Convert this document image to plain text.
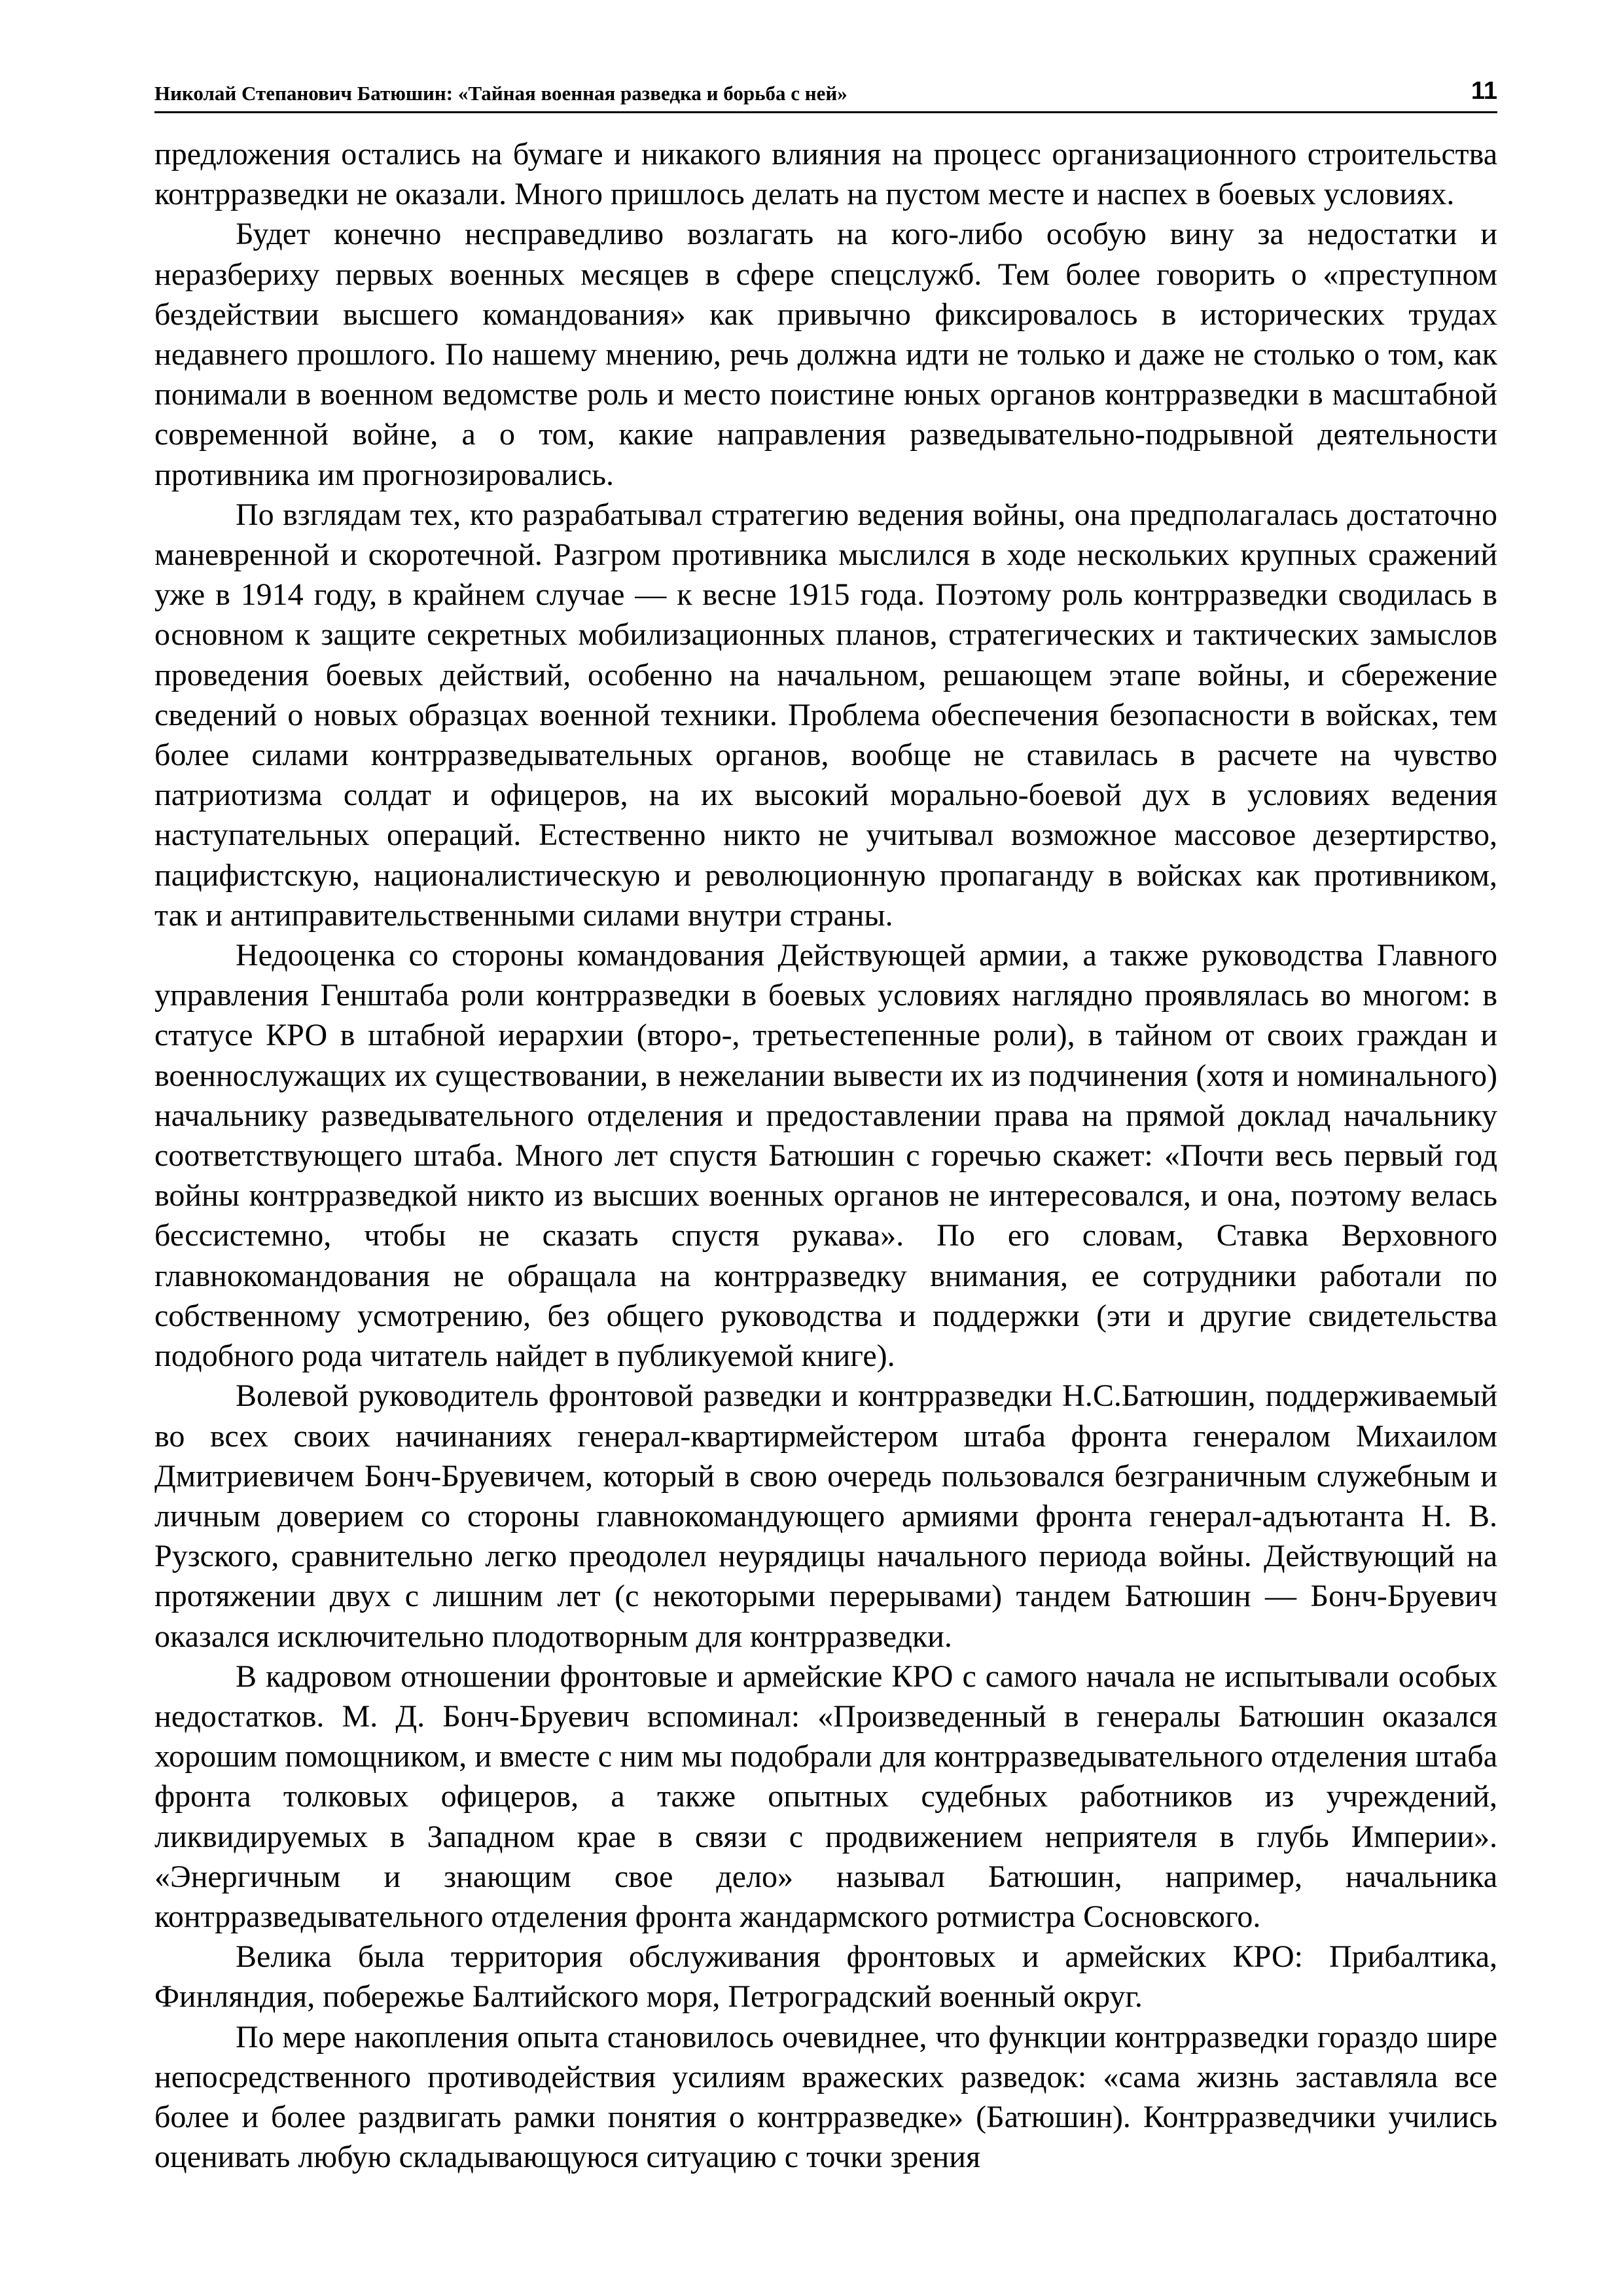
Николай Степанович Батюшин: «Тайная военная разведка и борьба с ней»	11

предложения остались на бумаге и никакого влияния на процесс организационного строительства контрразведки не оказали. Много пришлось делать на пустом месте и наспех в боевых условиях.

Будет конечно несправедливо возлагать на кого-либо особую вину за недостатки и неразбериху первых военных месяцев в сфере спецслужб. Тем более говорить о «преступном бездействии высшего командования» как привычно фиксировалось в исторических трудах недавнего прошлого. По нашему мнению, речь должна идти не только и даже не столько о том, как понимали в военном ведомстве роль и место поистине юных органов контрразведки в масштабной современной войне, а о том, какие направления разведывательно-подрывной деятельности противника им прогнозировались.

По взглядам тех, кто разрабатывал стратегию ведения войны, она предполагалась достаточно маневренной и скоротечной. Разгром противника мыслился в ходе нескольких крупных сражений уже в 1914 году, в крайнем случае — к весне 1915 года. Поэтому роль контрразведки сводилась в основном к защите секретных мобилизационных планов, стратегических и тактических замыслов проведения боевых действий, особенно на начальном, решающем этапе войны, и сбережение сведений о новых образцах военной техники. Проблема обеспечения безопасности в войсках, тем более силами контрразведывательных органов, вообще не ставилась в расчете на чувство патриотизма солдат и офицеров, на их высокий морально-боевой дух в условиях ведения наступательных операций. Естественно никто не учитывал возможное массовое дезертирство, пацифистскую, националистическую и революционную пропаганду в войсках как противником, так и антиправительственными силами внутри страны.

Недооценка со стороны командования Действующей армии, а также руководства Главного управления Генштаба роли контрразведки в боевых условиях наглядно проявлялась во многом: в статусе КРО в штабной иерархии (второ-, третьестепенные роли), в тайном от своих граждан и военнослужащих их существовании, в нежелании вывести их из подчинения (хотя и номинального) начальнику разведывательного отделения и предоставлении права на прямой доклад начальнику соответствующего штаба. Много лет спустя Батюшин с горечью скажет: «Почти весь первый год войны контрразведкой никто из высших военных органов не интересовался, и она, поэтому велась бессистемно, чтобы не сказать спустя рукава». По его словам, Ставка Верховного главнокомандования не обращала на контрразведку внимания, ее сотрудники работали по собственному усмотрению, без общего руководства и поддержки (эти и другие свидетельства подобного рода читатель найдет в публикуемой книге).

Волевой руководитель фронтовой разведки и контрразведки Н.С.Батюшин, поддерживаемый во всех своих начинаниях генерал-квартирмейстером штаба фронта генералом Михаилом Дмитриевичем Бонч-Бруевичем, который в свою очередь пользовался безграничным служебным и личным доверием со стороны главнокомандующего армиями фронта генерал-адъютанта Н. В. Рузского, сравнительно легко преодолел неурядицы начального периода войны. Действующий на протяжении двух с лишним лет (с некоторыми перерывами) тандем Батюшин — Бонч-Бруевич оказался исключительно плодотворным для контрразведки.

В кадровом отношении фронтовые и армейские КРО с самого начала не испытывали особых недостатков. М. Д. Бонч-Бруевич вспоминал: «Произведенный в генералы Батюшин оказался хорошим помощником, и вместе с ним мы подобрали для контрразведывательного отделения штаба фронта толковых офицеров, а также опытных судебных работников из учреждений, ликвидируемых в Западном крае в связи с продвижением неприятеля в глубь Империи». «Энергичным и знающим свое дело» называл Батюшин, например, начальника контрразведывательного отделения фронта жандармского ротмистра Сосновского.

Велика была территория обслуживания фронтовых и армейских КРО: Прибалтика, Финляндия, побережье Балтийского моря, Петроградский военный округ.

По мере накопления опыта становилось очевиднее, что функции контрразведки гораздо шире непосредственного противодействия усилиям вражеских разведок: «сама жизнь заставляла все более и более раздвигать рамки понятия о контрразведке» (Батюшин). Контрразведчики учились оценивать любую складывающуюся ситуацию с точки зрения
